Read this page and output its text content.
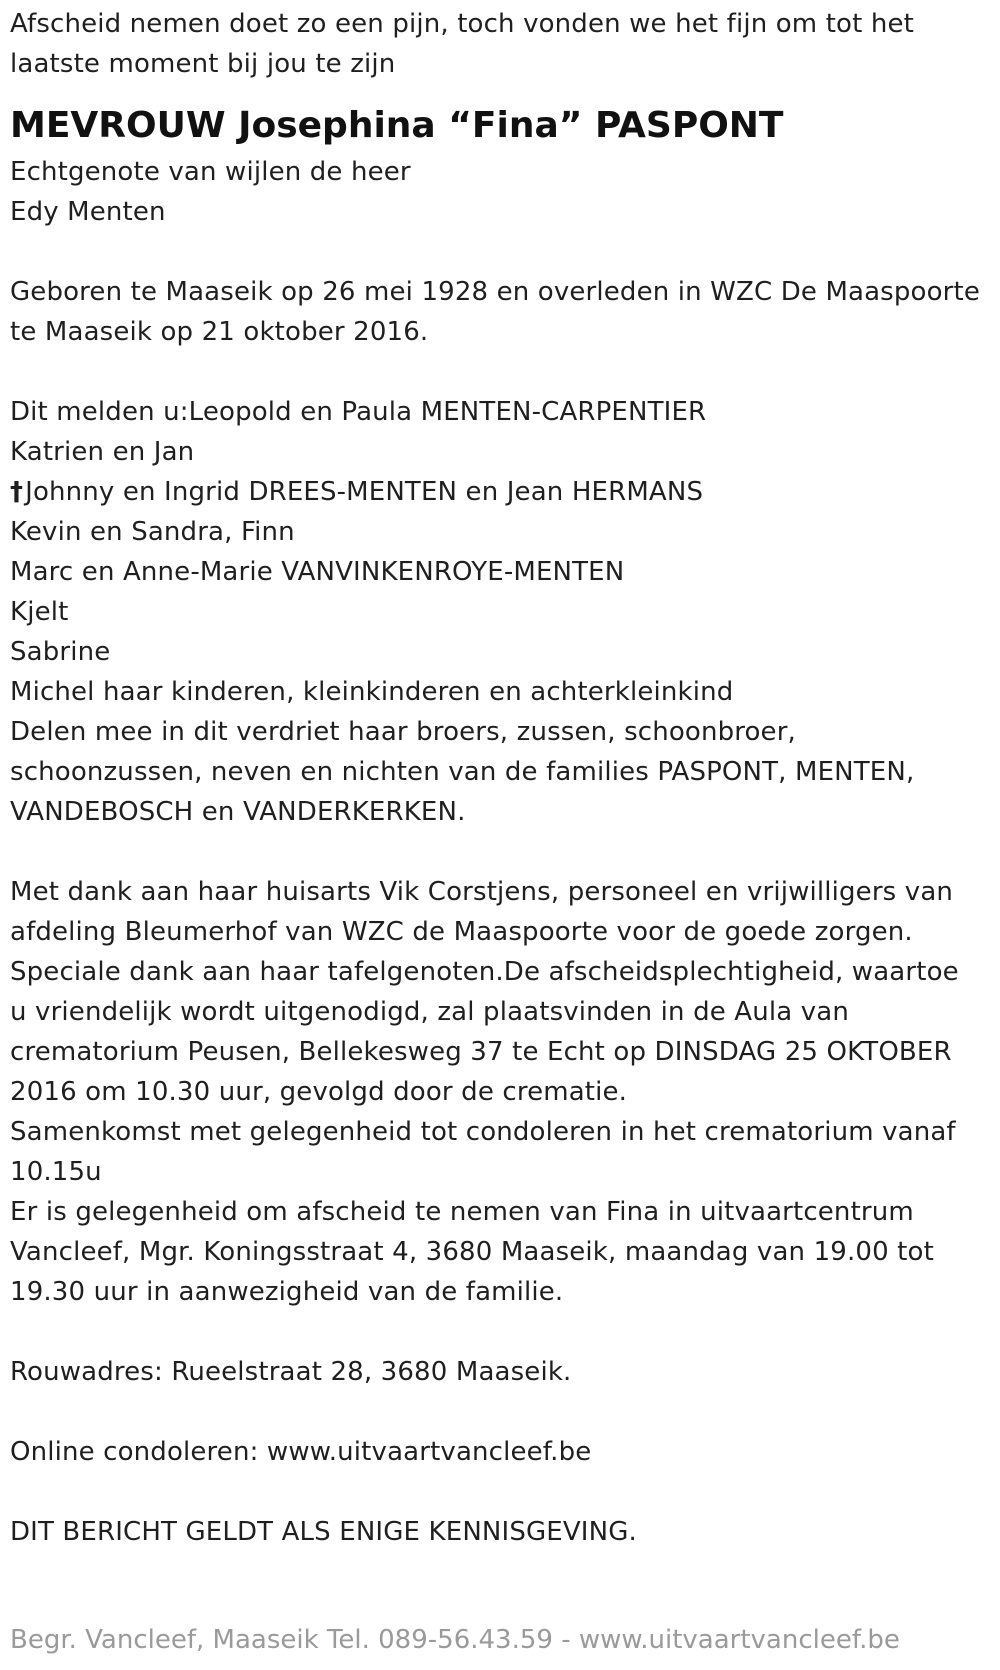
Afscheid nemen doet zo een pijn, toch vonden we het fijn om tot het
laatste moment bij jou te zijn
MEVROUW Josephina “Fina” PASPONT
Echtgenote van wijlen de heer
Edy Menten
Geboren te Maaseik op 26 mei 1928 en overleden in WZC De Maaspoorte
te Maaseik op 21 oktober 2016.
Dit melden u:Leopold en Paula MENTEN-CARPENTIER
Katrien en Jan
†Johnny en Ingrid DREES-MENTEN en Jean HERMANS
Kevin en Sandra, Finn
Marc en Anne-Marie VANVINKENROYE-MENTEN
Kjelt
Sabrine
Michel haar kinderen, kleinkinderen en achterkleinkind
Delen mee in dit verdriet haar broers, zussen, schoonbroer,
schoonzussen, neven en nichten van de families PASPONT, MENTEN,
VANDEBOSCH en VANDERKERKEN.
Met dank aan haar huisarts Vik Corstjens, personeel en vrijwilligers van
afdeling Bleumerhof van WZC de Maaspoorte voor de goede zorgen.
Speciale dank aan haar tafelgenoten.De afscheidsplechtigheid, waartoe
u vriendelijk wordt uitgenodigd, zal plaatsvinden in de Aula van
crematorium Peusen, Bellekesweg 37 te Echt op DINSDAG 25 OKTOBER
2016 om 10.30 uur, gevolgd door de crematie.
Samenkomst met gelegenheid tot condoleren in het crematorium vanaf
10.15u
Er is gelegenheid om afscheid te nemen van Fina in uitvaartcentrum
Vancleef, Mgr. Koningsstraat 4, 3680 Maaseik, maandag van 19.00 tot
19.30 uur in aanwezigheid van de familie.
Rouwadres: Rueelstraat 28, 3680 Maaseik.
Online condoleren: www.uitvaartvancleef.be
DIT BERICHT GELDT ALS ENIGE KENNISGEVING.
Begr. Vancleef, Maaseik Tel. 089-56.43.59 - www.uitvaartvancleef.be
